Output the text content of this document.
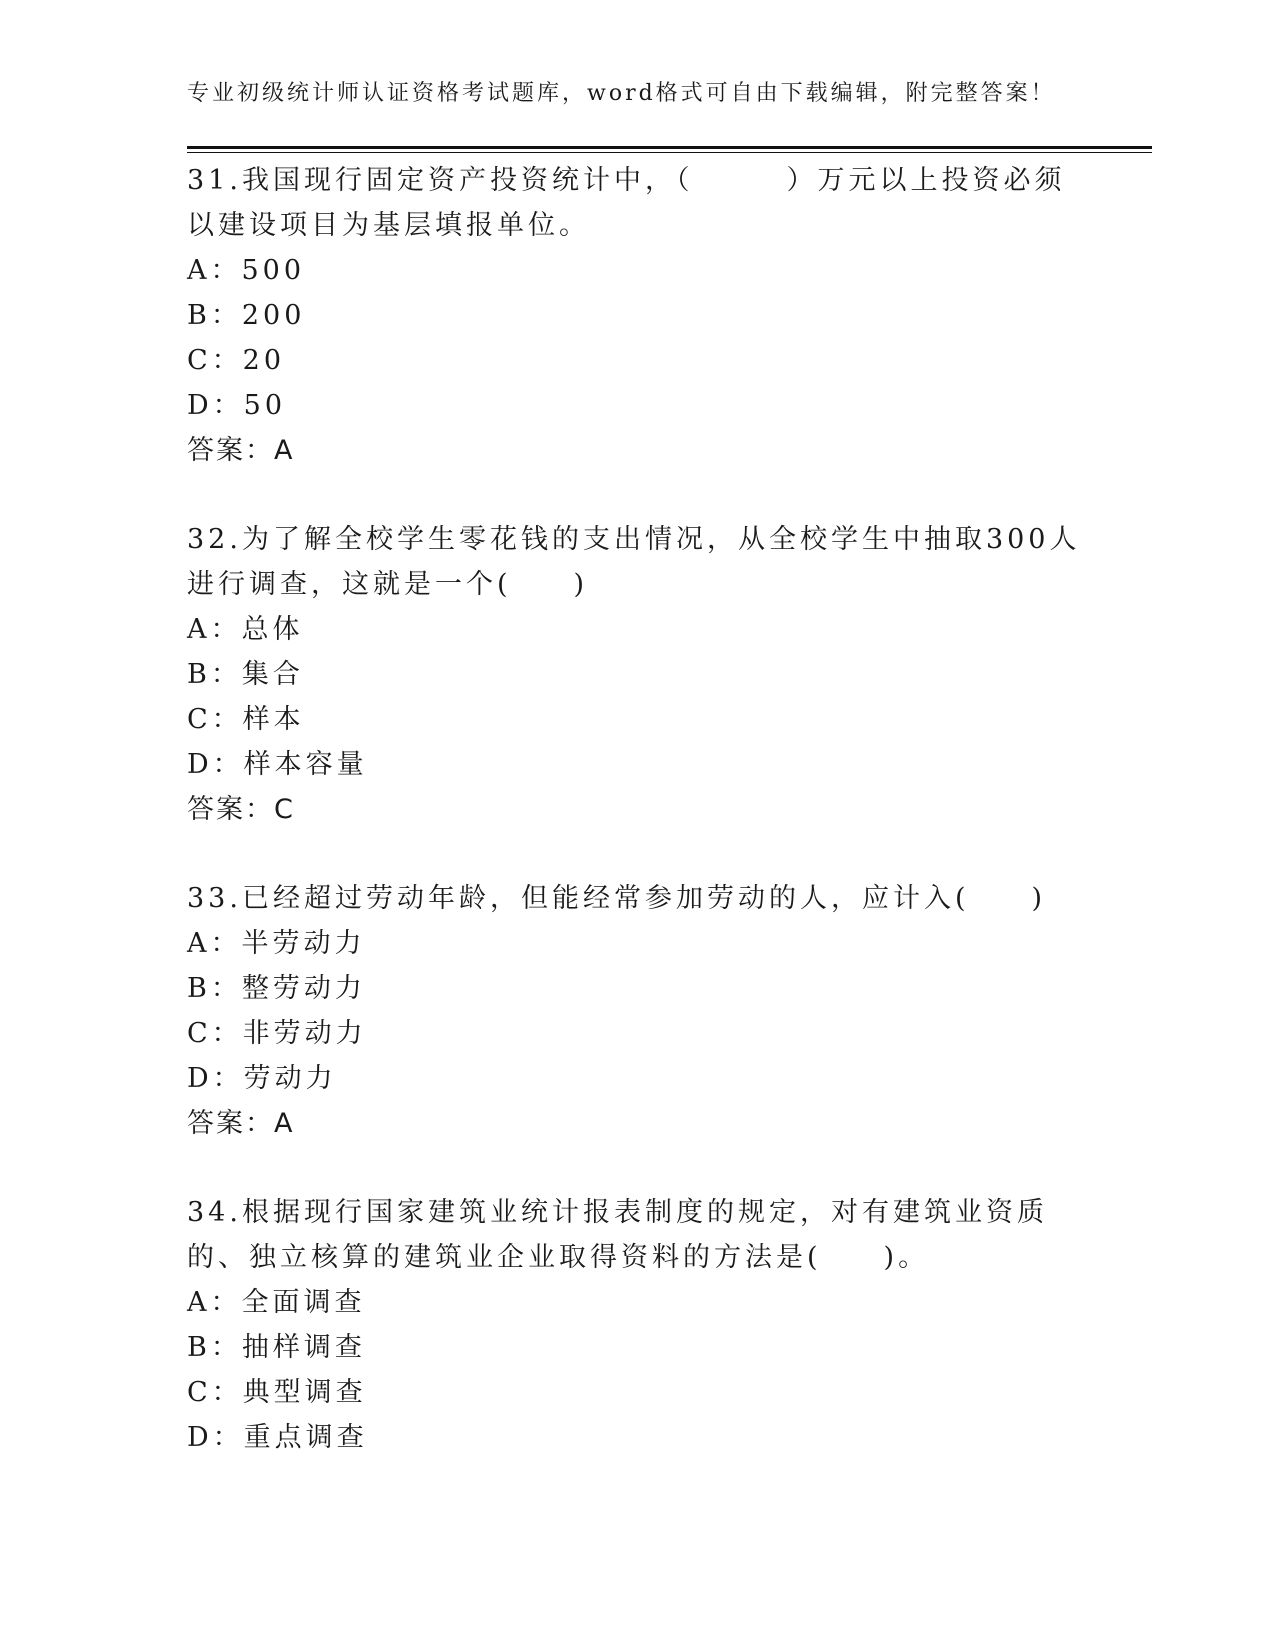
专业初级统计师认证资格考试题库，word格式可自由下载编辑，附完整答案！
31.我国现行固定资产投资统计中，（　　　）万元以上投资必须以建设项目为基层填报单位。
A：500
B：200
C：20
D：50
答案：A
32.为了解全校学生零花钱的支出情况，从全校学生中抽取300人进行调查，这就是一个(　　)
A：总体
B：集合
C：样本
D：样本容量
答案：C
33.已经超过劳动年龄，但能经常参加劳动的人，应计入(　　)
A：半劳动力
B：整劳动力
C：非劳动力
D：劳动力
答案：A
34.根据现行国家建筑业统计报表制度的规定，对有建筑业资质的、独立核算的建筑业企业取得资料的方法是(　　)。
A：全面调查
B：抽样调查
C：典型调查
D：重点调查
